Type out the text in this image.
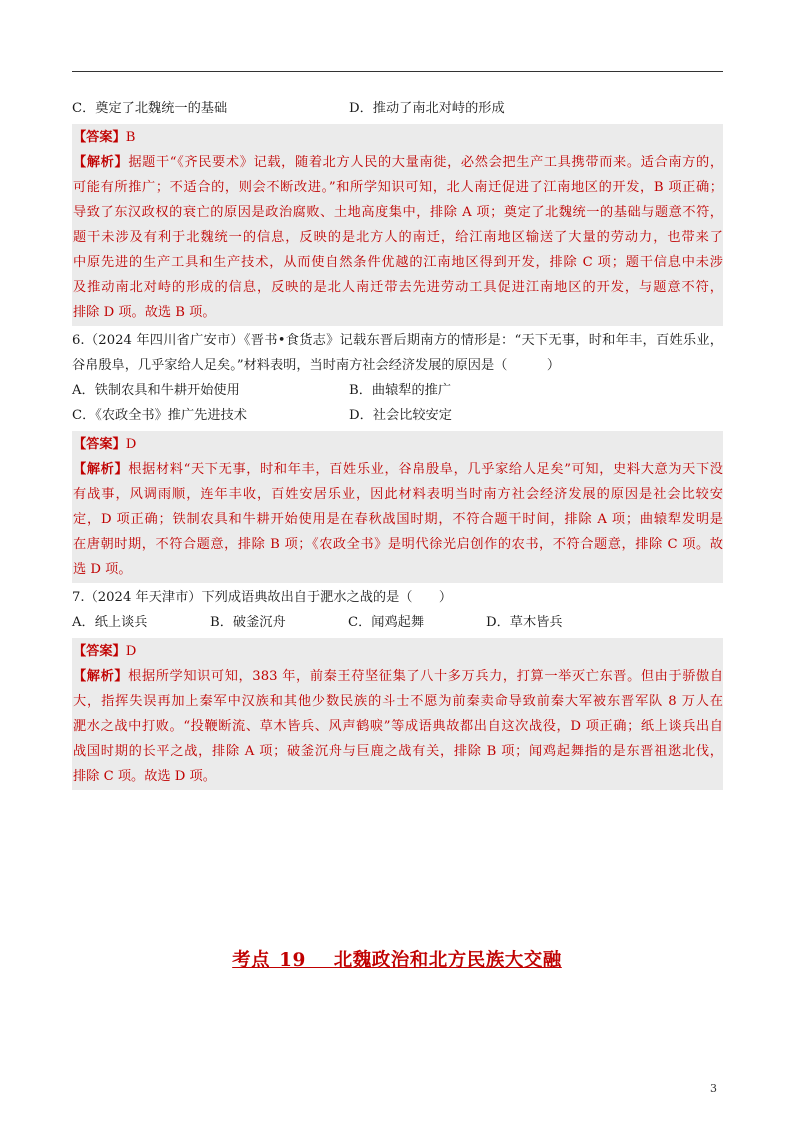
C．奠定了北魏统一的基础	D．推动了南北对峙的形成
【答案】B
【解析】据题干“《齐民要术》记载，随着北方人民的大量南徙，必然会把生产工具携带而来。适合南方的，
可能有所推广；不适合的，则会不断改进。”和所学知识可知，北人南迁促进了江南地区的开发，B 项正确；
导致了东汉政权的衰亡的原因是政治腐败、土地高度集中，排除 A 项；奠定了北魏统一的基础与题意不符，
题干未涉及有利于北魏统一的信息，反映的是北方人的南迁，给江南地区输送了大量的劳动力，也带来了
中原先进的生产工具和生产技术，从而使自然条件优越的江南地区得到开发，排除 C 项；题干信息中未涉
及推动南北对峙的形成的信息，反映的是北人南迁带去先进劳动工具促进江南地区的开发，与题意不符，
排除 D 项。故选 B 项。
6.（2024 年四川省广安市）《晋书•食货志》记载东晋后期南方的情形是：“天下无事，时和年丰，百姓乐业，
谷帛殷阜，几乎家给人足矣。”材料表明，当时南方社会经济发展的原因是（　　　）
A．铁制农具和牛耕开始使用	B．曲辕犁的推广
C．《农政全书》推广先进技术	D．社会比较安定
【答案】D
【解析】根据材料“天下无事，时和年丰，百姓乐业，谷帛殷阜，几乎家给人足矣”可知，史料大意为天下没
有战事，风调雨顺，连年丰收，百姓安居乐业，因此材料表明当时南方社会经济发展的原因是社会比较安
定，D 项正确；铁制农具和牛耕开始使用是在春秋战国时期，不符合题干时间，排除 A 项；曲辕犁发明是
在唐朝时期，不符合题意，排除 B 项；《农政全书》是明代徐光启创作的农书，不符合题意，排除 C 项。故
选 D 项。
7.（2024 年天津市）下列成语典故出自于淝水之战的是（　　）
A．纸上谈兵	B．破釜沉舟	C．闻鸡起舞	D．草木皆兵
【答案】D
【解析】根据所学知识可知，383 年，前秦王苻坚征集了八十多万兵力，打算一举灭亡东晋。但由于骄傲自
大，指挥失误再加上秦军中汉族和其他少数民族的斗士不愿为前秦卖命导致前秦大军被东晋军队 8 万人在
淝水之战中打败。“投鞭断流、草木皆兵、风声鹤唳”等成语典故都出自这次战役，D 项正确；纸上谈兵出自
战国时期的长平之战，排除 A 项；破釜沉舟与巨鹿之战有关，排除 B 项；闻鸡起舞指的是东晋祖逖北伐，
排除 C 项。故选 D 项。
考点 19　 北魏政治和北方民族大交融
3
